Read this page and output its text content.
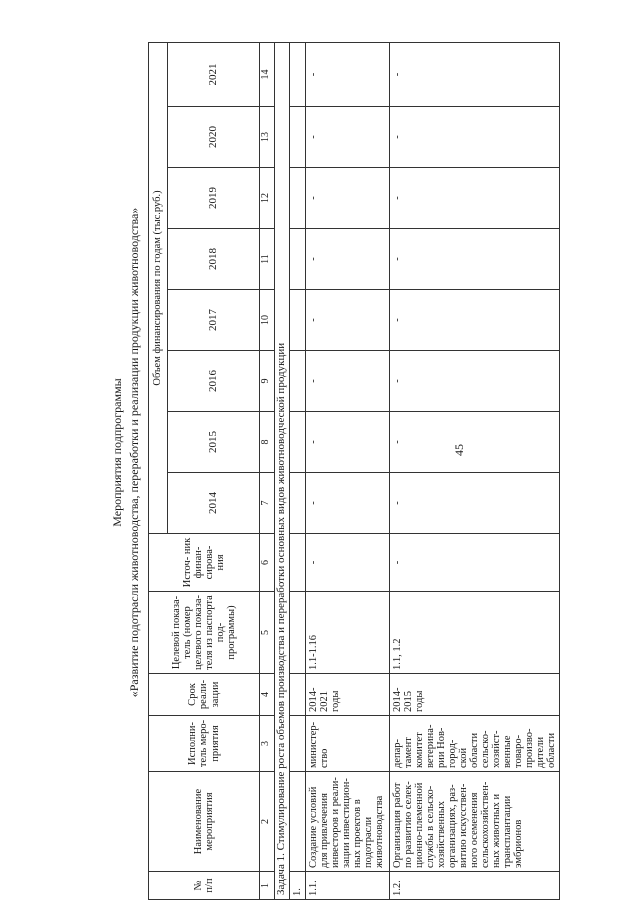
45
Мероприятия подпрограммы «Развитие подотрасли животноводства, переработки и реализации продукции животноводства»
№ п/п	Наименование мероприятия	Исполни- тель меро- приятия	Срок реали- зации	Целевой показа- тель (номер целевого показа- теля из паспорта под- программы)	Источ- ник финан- сирова- ния	Объем финансирования по годам (тыс.руб.)							
						2014	2015	2016	2017	2018	2019	2020	2021
1	2	3	4	5	6	7	8	9	10	11	12	13	14
Задача 1. Стимулирование роста объемов производства и переработки основных видов животноводческой продукции													
1.													
1.1.	Создание условий для привлечения инвесторов и реали- зации инвестицион- ных проектов в подотрасли животноводства	министер- ство	2014- 2021 годы	1.1-1.16	-	-	-	-	-	-	-	-	-
1.2.	Организация работ по развитию селек- ционно-племенной службы в сельско- хозяйственных организациях, раз- витию искусствен- ного осеменения сельскохозяйствен- ных животных и трансплантации эмбрионов	депар- тамент комитет ветерина- рии Нов- город- ской области сельско- хозяйст- венные товаро- произво- дители области	2014- 2015 годы	1.1, 1.2	-	-	-	-	-	-	-	-	-
